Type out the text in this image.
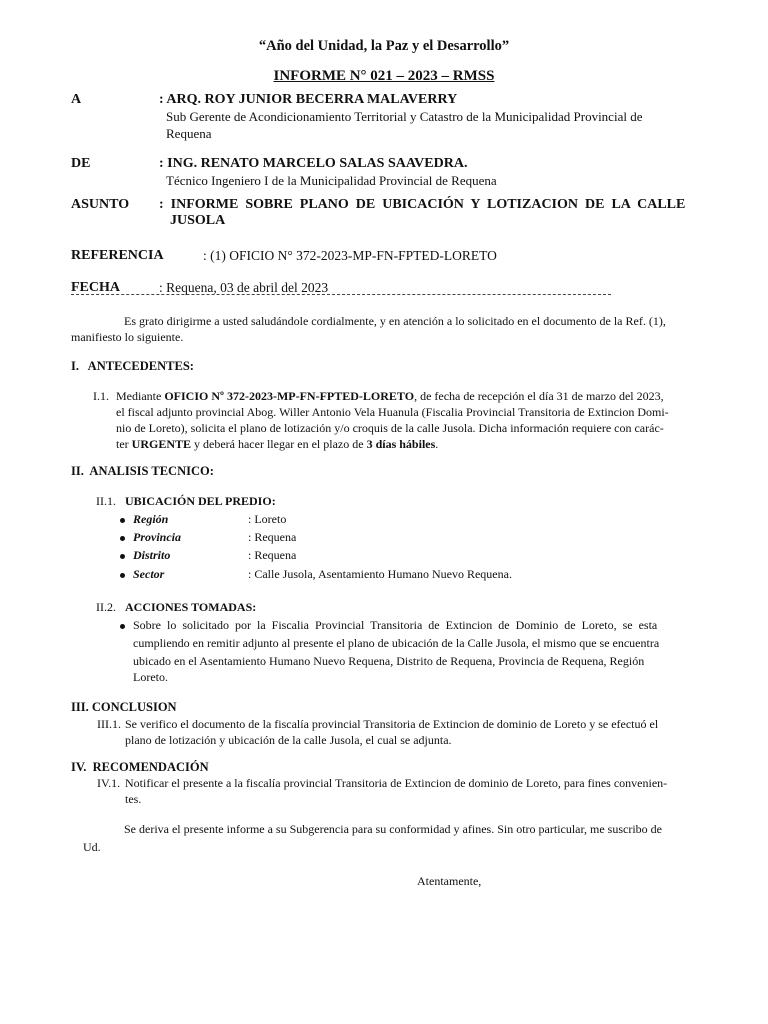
“Año del Unidad, la Paz y el Desarrollo”
INFORME N° 021 – 2023 – RMSS
A	: ARQ. ROY JUNIOR BECERRA MALAVERRY
Sub Gerente de Acondicionamiento Territorial y Catastro de la Municipalidad Provincial de
Requena
DE	: ING. RENATO MARCELO SALAS SAAVEDRA.
Técnico Ingeniero I de la Municipalidad Provincial de Requena
ASUNTO :  INFORME  SOBRE  PLANO  DE  UBICACIÓN  Y  LOTIZACION  DE  LA  CALLE
JUSOLA
REFERENCIA	: (1) OFICIO N° 372-2023-MP-FN-FPTED-LORETO
FECHA	: Requena, 03 de abril del 2023
Es grato dirigirme a usted saludándole cordialmente, y en atención a lo solicitado en el documento de la Ref. (1),
manifiesto lo siguiente.
I.   ANTECEDENTES:
I.1. Mediante OFICIO Nº 372-2023-MP-FN-FPTED-LORETO, de fecha de recepción el día 31 de marzo del 2023,
el fiscal adjunto provincial Abog. Willer Antonio Vela Huanula (Fiscalia Provincial Transitoria de Extincion Domi-
nio de Loreto), solicita el plano de lotización y/o croquis de la calle Jusola. Dicha información requiere con carác-
ter URGENTE y deberá hacer llegar en el plazo de 3 días hábiles.
II.  ANALISIS TECNICO:
II.1. UBICACIÓN DEL PREDIO:
Región	: Loreto
Provincia	: Requena
Distrito	: Requena
Sector	: Calle Jusola, Asentamiento Humano Nuevo Requena.
II.2. ACCIONES TOMADAS:
Sobre  lo  solicitado  por  la  Fiscalia  Provincial  Transitoria  de  Extincion  de  Dominio  de  Loreto,  se  esta
cumpliendo en remitir adjunto al presente el plano de ubicación de la Calle Jusola, el mismo que se encuentra
ubicado en el Asentamiento Humano Nuevo Requena, Distrito de Requena, Provincia de Requena, Región
Loreto.
III. CONCLUSION
III.1. Se verifico el documento de la fiscalía provincial Transitoria de Extincion de dominio de Loreto y se efectuó el
plano de lotización y ubicación de la calle Jusola, el cual se adjunta.
IV.  RECOMENDACIÓN
IV.1. Notificar el presente a la fiscalía provincial Transitoria de Extincion de dominio de Loreto, para fines convenien-
tes.
Se deriva el presente informe a su Subgerencia para su conformidad y afines. Sin otro particular, me suscribo de
Ud.
Atentamente,
